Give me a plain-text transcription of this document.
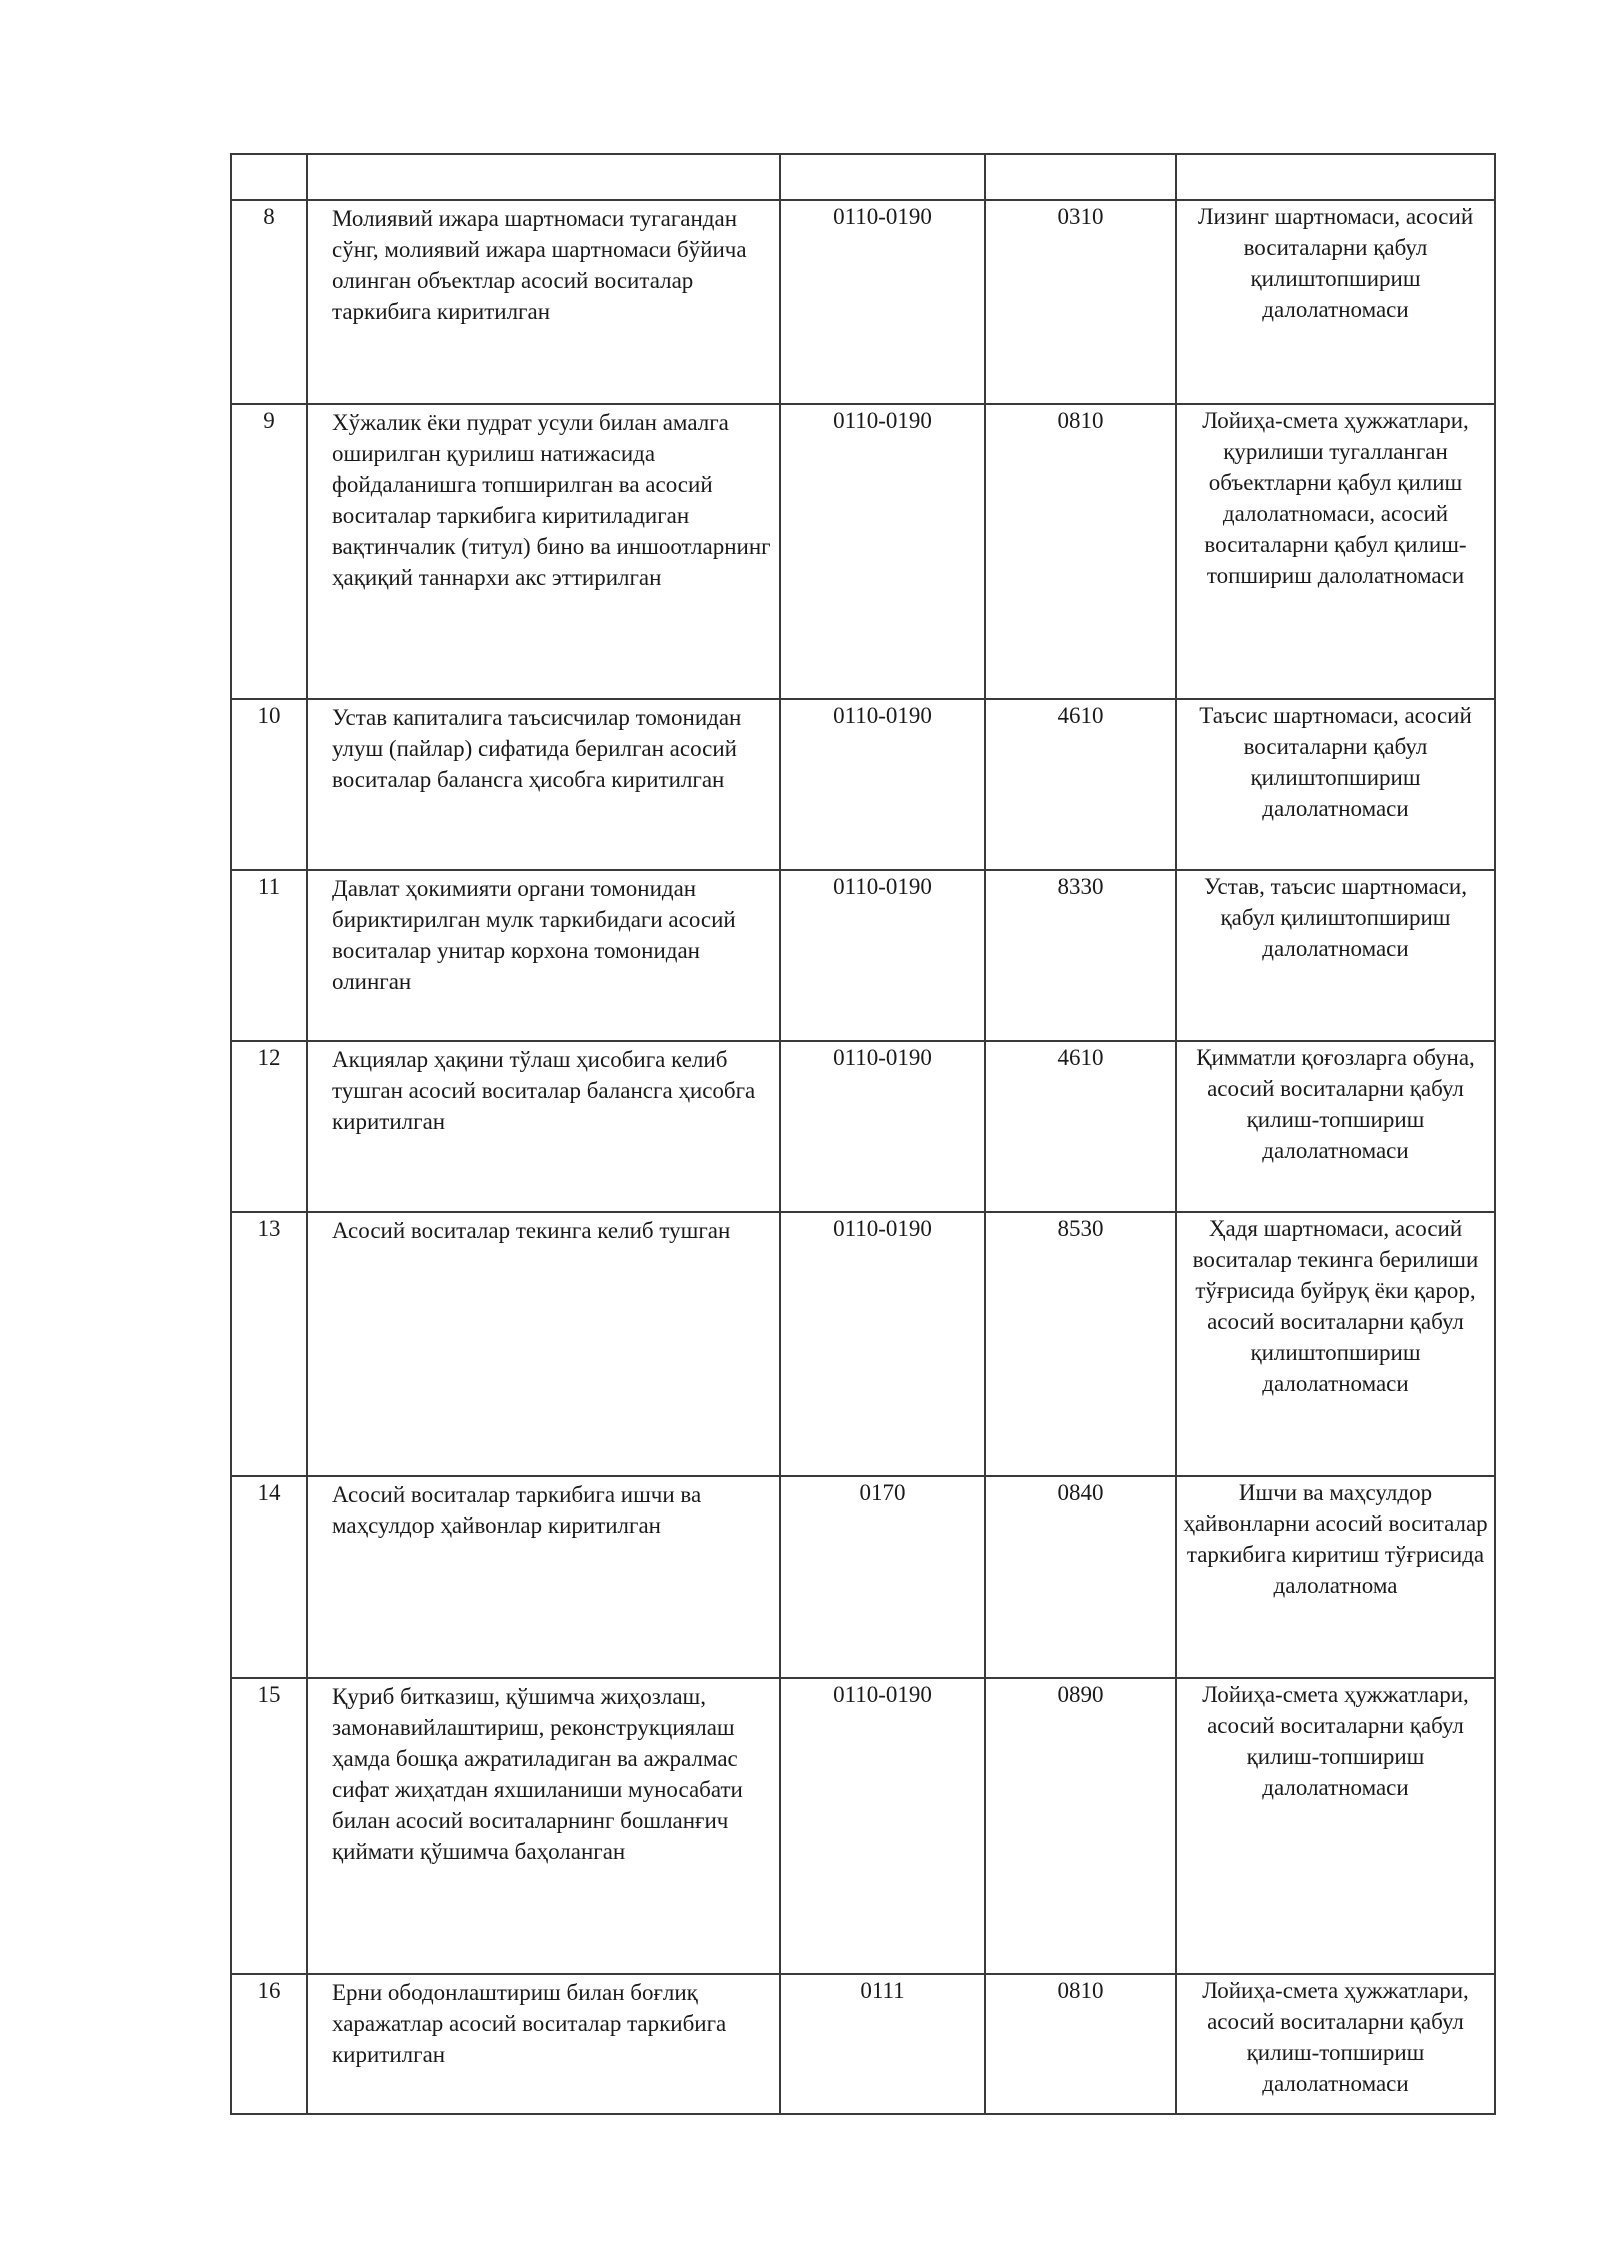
8	Молиявий ижара шартномаси тугагандан сўнг, молиявий ижара шартномаси бўйича олинган объектлар асосий воситалар таркибига киритилган	0110-0190	0310	Лизинг шартномаси, асосий воситаларни қабул қилиштопшириш далолатномаси
9	Хўжалик ёки пудрат усули билан амалга оширилган қурилиш натижасида фойдаланишга топширилган ва асосий воситалар таркибига киритиладиган вақтинчалик (титул) бино ва иншоотларнинг ҳақиқий таннархи акс эттирилган	0110-0190	0810	Лойиҳа-смета ҳужжатлари, қурилиши тугалланган объектларни қабул қилиш далолатномаси, асосий воситаларни қабул қилиш-топшириш далолатномаси
10	Устав капиталига таъсисчилар томонидан улуш (пайлар) сифатида берилган асосий воситалар балансга ҳисобга киритилган	0110-0190	4610	Таъсис шартномаси, асосий воситаларни қабул қилиштопшириш далолатномаси
11	Давлат ҳокимияти органи томонидан бириктирилган мулк таркибидаги асосий воситалар унитар корхона томонидан олинган	0110-0190	8330	Устав, таъсис шартномаси, қабул қилиштопшириш далолатномаси
12	Акциялар ҳақини тўлаш ҳисобига келиб тушган асосий воситалар балансга ҳисобга киритилган	0110-0190	4610	Қимматли қоғозларга обуна, асосий воситаларни қабул қилиш-топшириш далолатномаси
13	Асосий воситалар текинга келиб тушган	0110-0190	8530	Ҳадя шартномаси, асосий воситалар текинга берилиши тўғрисида буйруқ ёки қарор, асосий воситаларни қабул қилиштопшириш далолатномаси
14	Асосий воситалар таркибига ишчи ва маҳсулдор ҳайвонлар киритилган	0170	0840	Ишчи ва маҳсулдор ҳайвонларни асосий воситалар таркибига киритиш тўғрисида далолатнома
15	Қуриб битказиш, қўшимча жиҳозлаш, замонавийлаштириш, реконструкциялаш ҳамда бошқа ажратиладиган ва ажралмас сифат жиҳатдан яхшиланиши муносабати билан асосий воситаларнинг бошланғич қиймати қўшимча баҳоланган	0110-0190	0890	Лойиҳа-смета ҳужжатлари, асосий воситаларни қабул қилиш-топшириш далолатномаси
16	Ерни ободонлаштириш билан боғлиқ харажатлар асосий воситалар таркибига киритилган	0111	0810	Лойиҳа-смета ҳужжатлари, асосий воситаларни қабул қилиш-топшириш далолатномаси
